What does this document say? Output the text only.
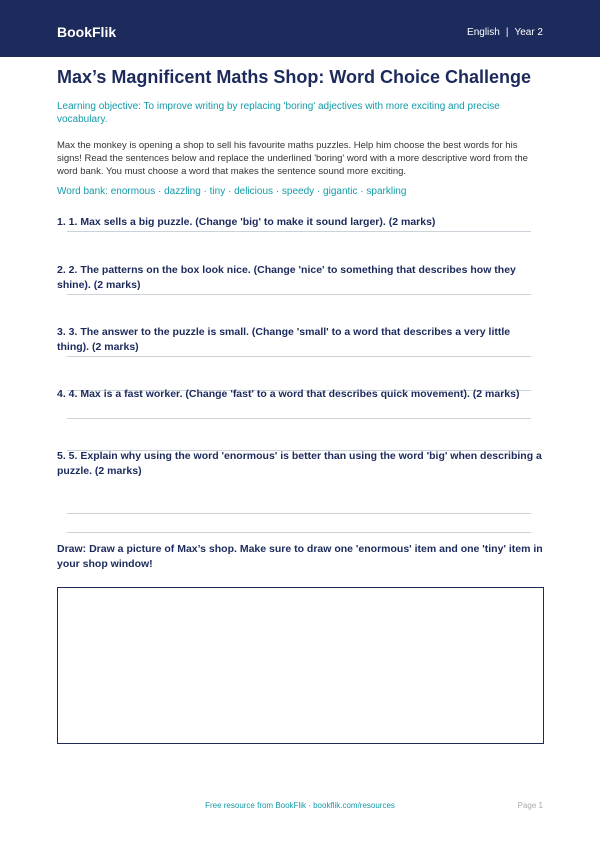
BookFlik	English | Year 2
Max’s Magnificent Maths Shop: Word Choice Challenge

Learning objective: To improve writing by replacing 'boring' adjectives with more exciting and precise vocabulary.

Max the monkey is opening a shop to sell his favourite maths puzzles. Help him choose the best words for his signs! Read the sentences below and replace the underlined 'boring' word with a more descriptive word from the word bank. You must choose a word that makes the sentence sound more exciting.

Word bank: enormous · dazzling · tiny · delicious · speedy · gigantic · sparkling

1. 1. Max sells a big puzzle. (Change 'big' to make it sound larger). (2 marks)

2. 2. The patterns on the box look nice. (Change 'nice' to something that describes how they shine). (2 marks)

3. 3. The answer to the puzzle is small. (Change 'small' to a word that describes a very little thing). (2 marks)

4. 4. Max is a fast worker. (Change 'fast' to a word that describes quick movement). (2 marks)

5. 5. Explain why using the word 'enormous' is better than using the word 'big' when describing a puzzle. (2 marks)

Draw: Draw a picture of Max’s shop. Make sure to draw one 'enormous' item and one 'tiny' item in your shop window!

Free resource from BookFlik · bookflik.com/resources	Page 1
